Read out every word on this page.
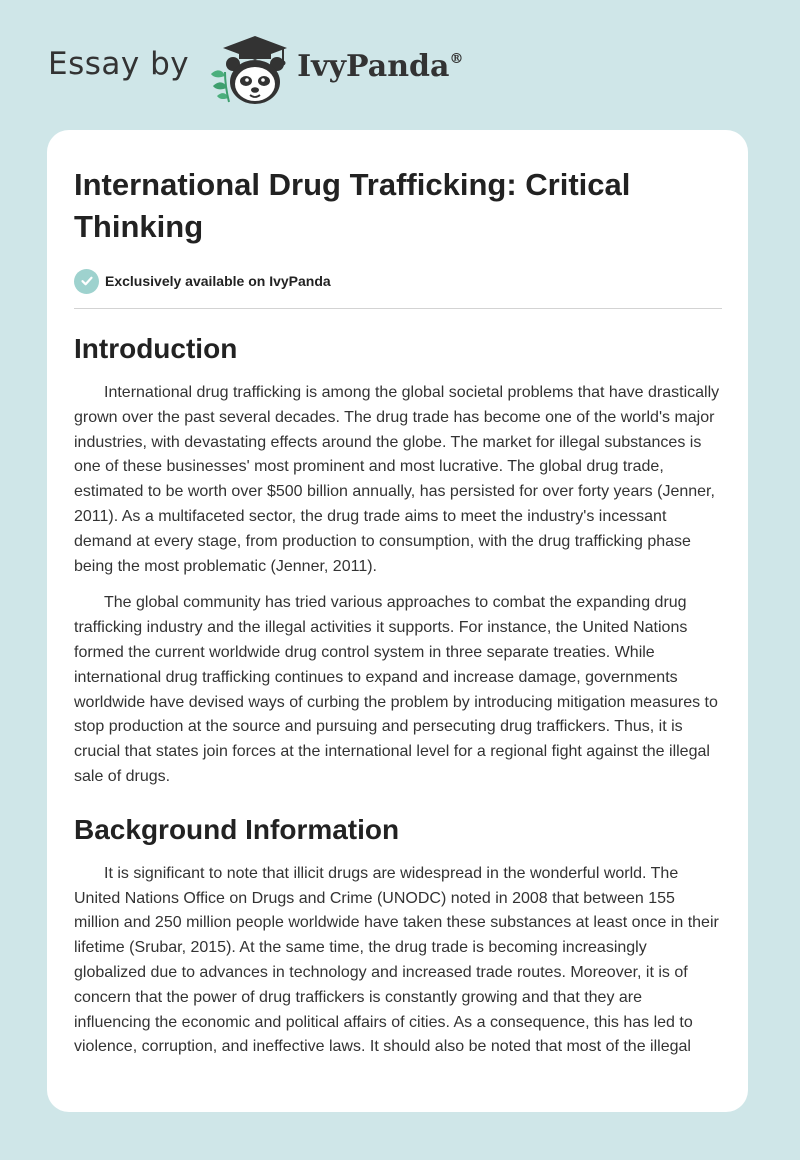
Essay by	IvyPanda®
International Drug Trafficking: Critical Thinking
Exclusively available on IvyPanda
Introduction

International drug trafficking is among the global societal problems that have drastically grown over the past several decades. The drug trade has become one of the world's major industries, with devastating effects around the globe. The market for illegal substances is one of these businesses' most prominent and most lucrative. The global drug trade, estimated to be worth over $500 billion annually, has persisted for over forty years (Jenner, 2011). As a multifaceted sector, the drug trade aims to meet the industry's incessant demand at every stage, from production to consumption, with the drug trafficking phase being the most problematic (Jenner, 2011).

The global community has tried various approaches to combat the expanding drug trafficking industry and the illegal activities it supports. For instance, the United Nations formed the current worldwide drug control system in three separate treaties. While international drug trafficking continues to expand and increase damage, governments worldwide have devised ways of curbing the problem by introducing mitigation measures to stop production at the source and pursuing and persecuting drug traffickers. Thus, it is crucial that states join forces at the international level for a regional fight against the illegal sale of drugs.

Background Information

It is significant to note that illicit drugs are widespread in the wonderful world. The United Nations Office on Drugs and Crime (UNODC) noted in 2008 that between 155 million and 250 million people worldwide have taken these substances at least once in their lifetime (Srubar, 2015). At the same time, the drug trade is becoming increasingly globalized due to advances in technology and increased trade routes. Moreover, it is of concern that the power of drug traffickers is constantly growing and that they are influencing the economic and political affairs of cities. As a consequence, this has led to violence, corruption, and ineffective laws. It should also be noted that most of the illegal
